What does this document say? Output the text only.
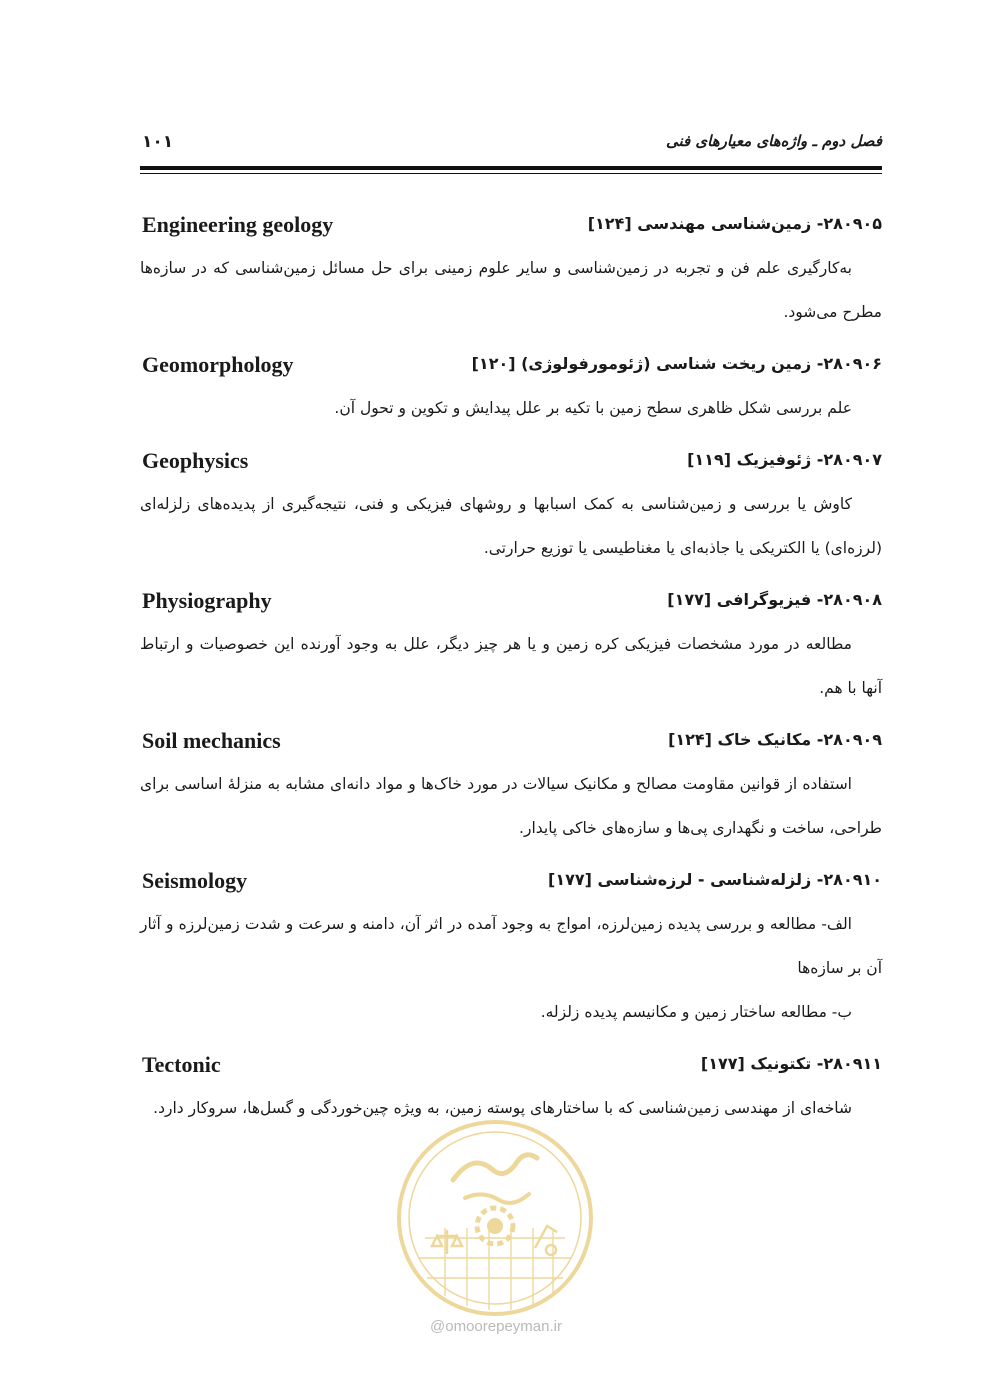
۱۰۱	فصل دوم ـ واژه‌های معیارهای فنی
۲۸۰۹۰۵- زمین‌شناسی مهندسی [۱۲۴]
Engineering geology

به‌کارگیری علم فن و تجربه در زمین‌شناسی و سایر علوم زمینی برای حل مسائل زمین‌شناسی که در سازه‌ها مطرح می‌شود.

۲۸۰۹۰۶- زمین ریخت شناسی (ژئومورفولوژی) [۱۲۰]
Geomorphology

علم بررسی شکل ظاهری سطح زمین با تکیه بر علل پیدایش و تکوین و تحول آن.

۲۸۰۹۰۷- ژئوفیزیک [۱۱۹]
Geophysics

کاوش یا بررسی و زمین‌شناسی به کمک اسبابها و روشهای فیزیکی و فنی، نتیجه‌گیری از پدیده‌های زلزله‌ای (لرزه‌ای) یا الکتریکی یا جاذبه‌ای یا مغناطیسی یا توزیع حرارتی.

۲۸۰۹۰۸- فیزیوگرافی [۱۷۷]
Physiography

مطالعه در مورد مشخصات فیزیکی کره زمین و یا هر چیز دیگر، علل به وجود آورنده این خصوصیات و ارتباط آنها با هم.

۲۸۰۹۰۹- مکانیک خاک [۱۲۴]
Soil mechanics

استفاده از قوانین مقاومت مصالح و مکانیک سیالات در مورد خاک‌ها و مواد دانه‌ای مشابه به منزلهٔ اساسی برای طراحی، ساخت و نگهداری پی‌ها و سازه‌های خاکی پایدار.

۲۸۰۹۱۰- زلزله‌شناسی - لرزه‌شناسی [۱۷۷]
Seismology

الف- مطالعه و بررسی پدیده زمین‌لرزه، امواج به وجود آمده در اثر آن، دامنه و سرعت و شدت زمین‌لرزه و آثار آن بر سازه‌ها

ب- مطالعه ساختار زمین و مکانیسم پدیده زلزله.

۲۸۰۹۱۱- تکتونیک [۱۷۷]
Tectonic

شاخه‌ای از مهندسی زمین‌شناسی که با ساختارهای پوسته زمین، به ویژه چین‌خوردگی و گسل‌ها، سروکار دارد.

@omoorepeyman.ir
